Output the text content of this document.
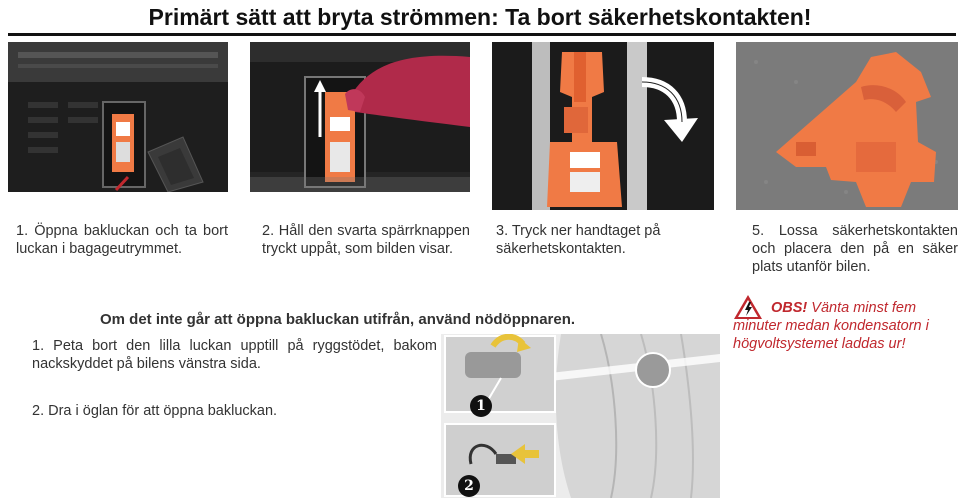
Primärt sätt att bryta strömmen: Ta bort säkerhetskontakten!
1. Öppna bakluckan och ta bort luckan i bagageutrymmet.
2. Håll den svarta spärrknappen tryckt uppåt, som bilden visar.
3. Tryck ner handtaget på säkerhetskontakten.
5. Lossa säkerhetskontakten och placera den på en säker plats utanför bilen.
Om det inte går att öppna bakluckan utifrån, använd nödöppnaren.
1. Peta bort den lilla luckan upptill på ryggstödet, bakom nackskyddet på bilens vänstra sida.
2. Dra i öglan för att öppna bakluckan.	1
2
OBS! Vänta minst fem minuter medan kondensatorn i högvoltsystemet laddas ur!
